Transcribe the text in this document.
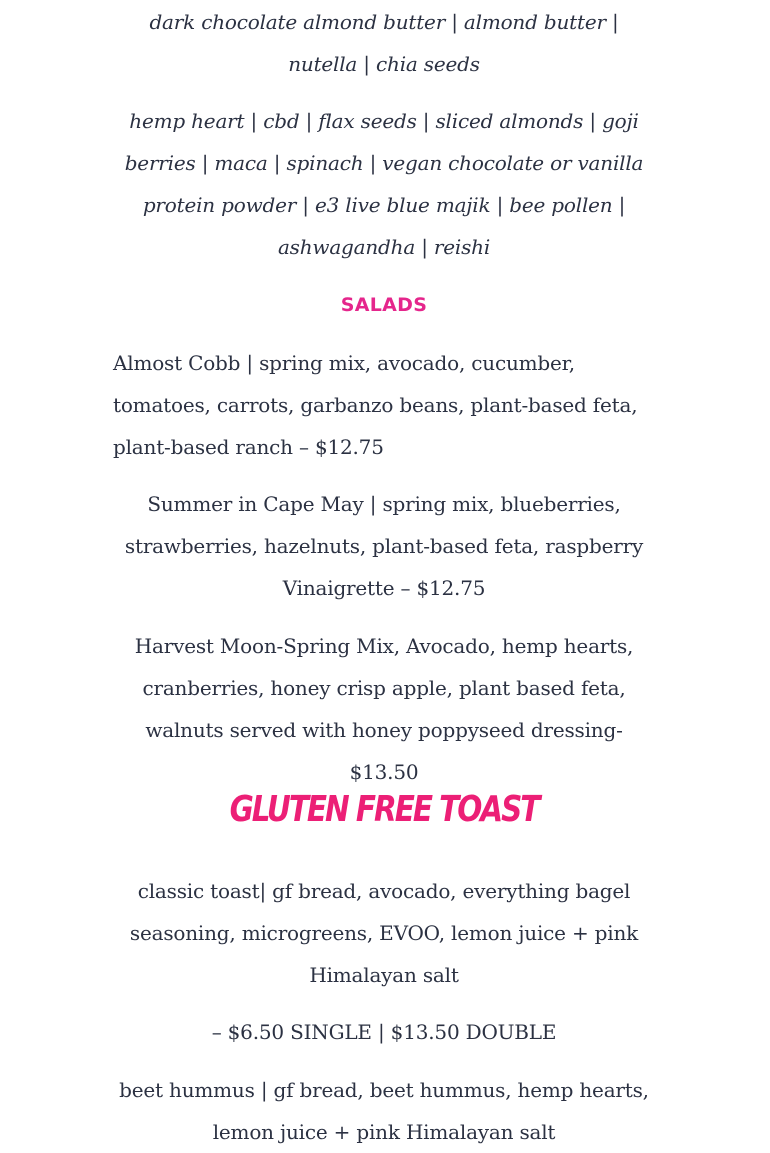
dark chocolate almond butter | almond butter | nutella | chia seeds

hemp heart | cbd | flax seeds | sliced almonds | goji berries | maca | spinach | vegan chocolate or vanilla protein powder | e3 live blue majik | bee pollen | ashwagandha | reishi

SALADS

Almost Cobb | spring mix, avocado, cucumber, tomatoes, carrots, garbanzo beans, plant-based feta, plant-based ranch – $12.75

Summer in Cape May | spring mix, blueberries, strawberries, hazelnuts, plant-based feta, raspberry Vinaigrette – $12.75

Harvest Moon-Spring Mix, Avocado, hemp hearts, cranberries, honey crisp apple, plant based feta, walnuts served with honey poppyseed dressing- $13.50

GLUTEN FREE TOAST

classic toast| gf bread, avocado, everything bagel seasoning, microgreens, EVOO, lemon juice + pink Himalayan salt

– $6.50 SINGLE | $13.50 DOUBLE

beet hummus | gf bread, beet hummus, hemp hearts, lemon juice + pink Himalayan salt
